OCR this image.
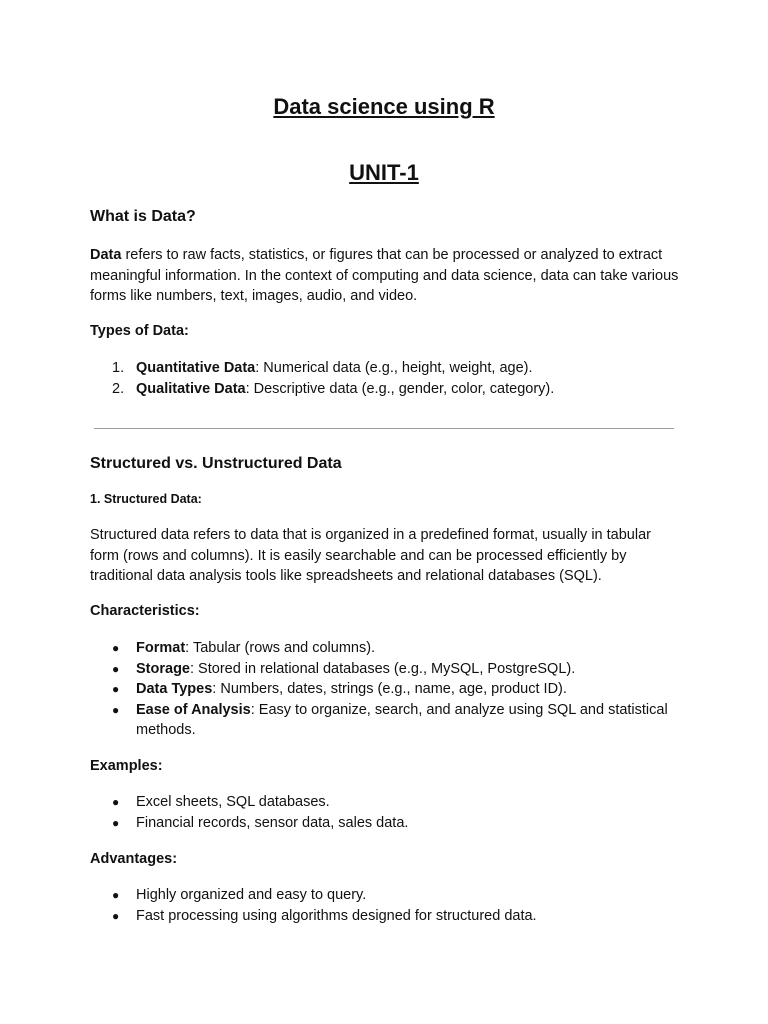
Data science using R
UNIT-1
What is Data?

Data refers to raw facts, statistics, or figures that can be processed or analyzed to extract meaningful information. In the context of computing and data science, data can take various forms like numbers, text, images, audio, and video.

Types of Data:
1. Quantitative Data: Numerical data (e.g., height, weight, age).
2. Qualitative Data: Descriptive data (e.g., gender, color, category).
Structured vs. Unstructured Data
1. Structured Data:

Structured data refers to data that is organized in a predefined format, usually in tabular form (rows and columns). It is easily searchable and can be processed efficiently by traditional data analysis tools like spreadsheets and relational databases (SQL).

Characteristics:
● Format: Tabular (rows and columns).
● Storage: Stored in relational databases (e.g., MySQL, PostgreSQL).
● Data Types: Numbers, dates, strings (e.g., name, age, product ID).
● Ease of Analysis: Easy to organize, search, and analyze using SQL and statistical methods.
Examples:
● Excel sheets, SQL databases.
● Financial records, sensor data, sales data.
Advantages:
● Highly organized and easy to query.
● Fast processing using algorithms designed for structured data.
